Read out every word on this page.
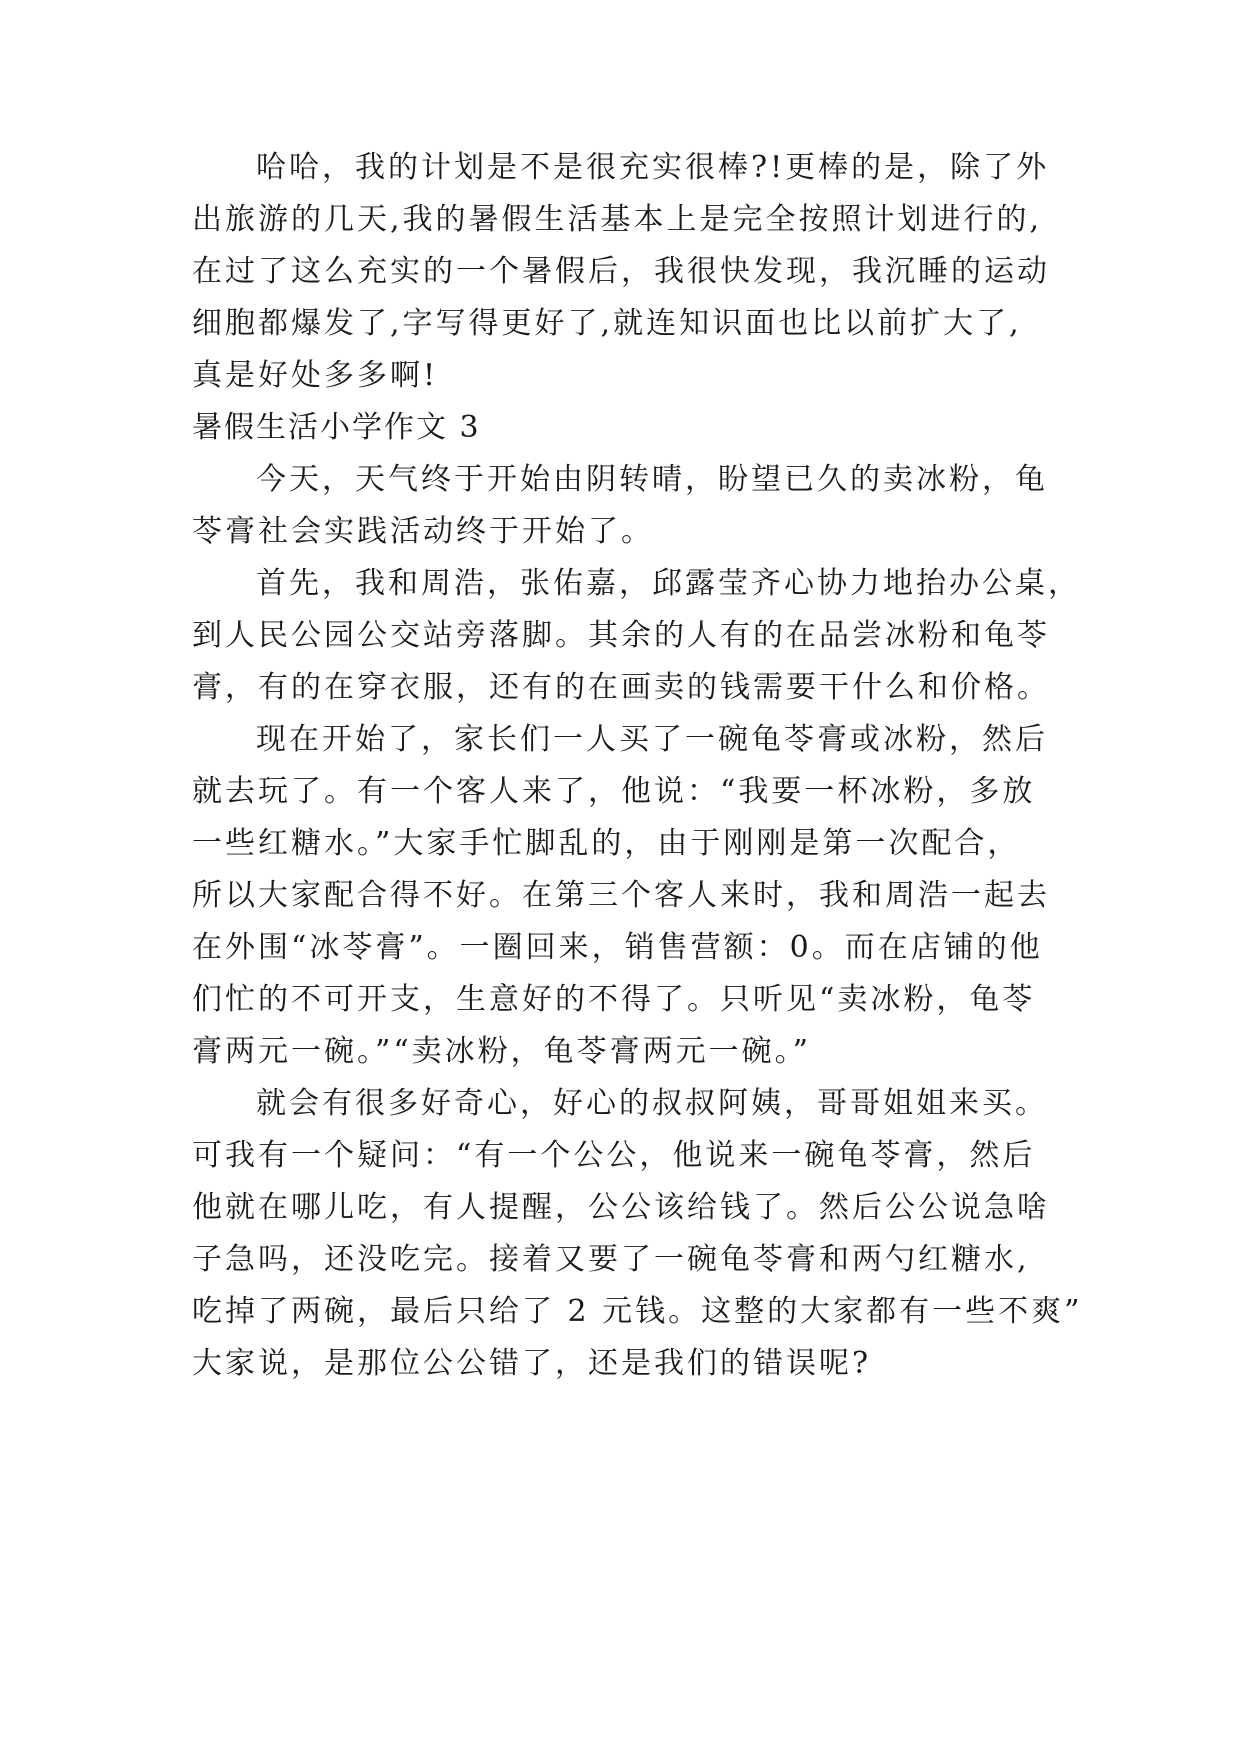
哈哈，我的计划是不是很充实很棒?!更棒的是，除了外
出旅游的几天,我的暑假生活基本上是完全按照计划进行的,
在过了这么充实的一个暑假后，我很快发现，我沉睡的运动
细胞都爆发了,字写得更好了,就连知识面也比以前扩大了,
真是好处多多啊!
暑假生活小学作文 3
今天，天气终于开始由阴转晴，盼望已久的卖冰粉，龟
苓膏社会实践活动终于开始了。
首先，我和周浩，张佑嘉，邱露莹齐心协力地抬办公桌，
到人民公园公交站旁落脚。其余的人有的在品尝冰粉和龟苓
膏，有的在穿衣服，还有的在画卖的钱需要干什么和价格。
现在开始了，家长们一人买了一碗龟苓膏或冰粉，然后
就去玩了。有一个客人来了，他说：“我要一杯冰粉，多放
一些红糖水。”大家手忙脚乱的，由于刚刚是第一次配合，
所以大家配合得不好。在第三个客人来时，我和周浩一起去
在外围“冰苓膏”。一圈回来，销售营额：0。而在店铺的他
们忙的不可开支，生意好的不得了。只听见“卖冰粉，龟苓
膏两元一碗。”“卖冰粉，龟苓膏两元一碗。”
就会有很多好奇心，好心的叔叔阿姨，哥哥姐姐来买。
可我有一个疑问：“有一个公公，他说来一碗龟苓膏，然后
他就在哪儿吃，有人提醒，公公该给钱了。然后公公说急啥
子急吗，还没吃完。接着又要了一碗龟苓膏和两勺红糖水,
吃掉了两碗，最后只给了 2 元钱。这整的大家都有一些不爽”
大家说，是那位公公错了，还是我们的错误呢?
